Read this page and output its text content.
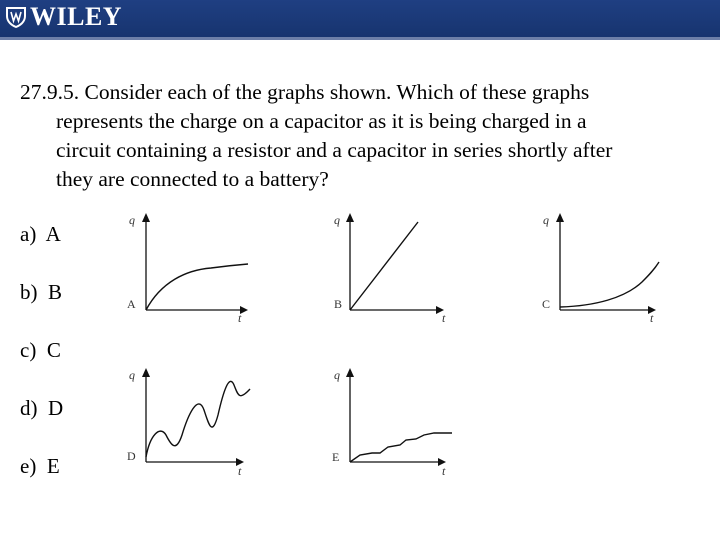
WILEY
27.9.5. Consider each of the graphs shown. Which of these graphs
represents the charge on a capacitor as it is being charged in a
circuit containing a resistor and a capacitor in series shortly after
they are connected to a battery?
a) A
b) B
c) C
d) D
e) E
q
t
A
q
t
B
q
t
C
q
t
D
q
t
E
